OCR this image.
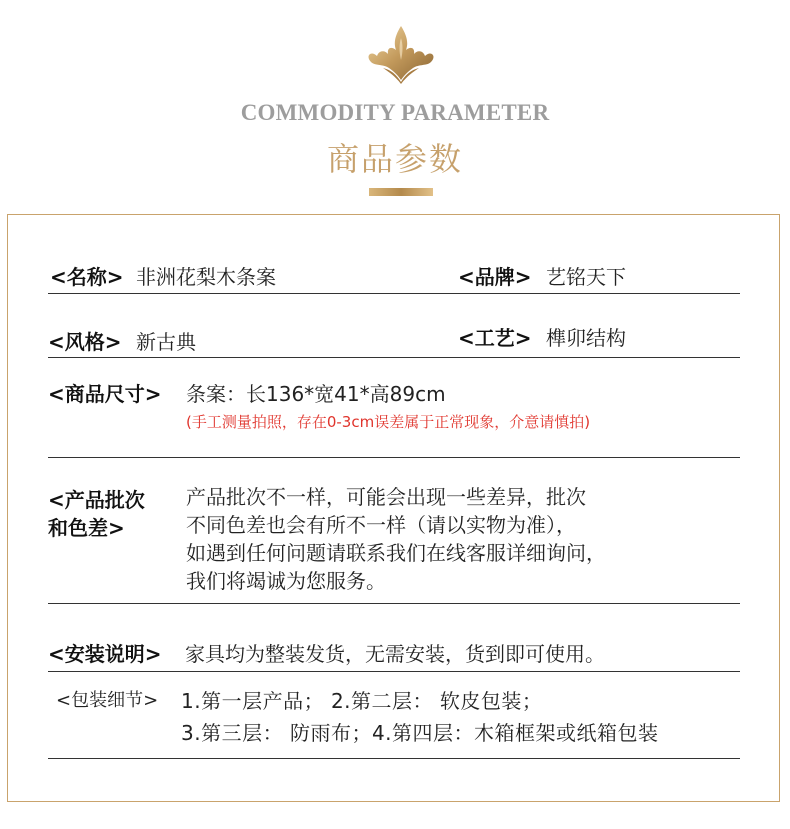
COMMODITY PARAMETER
商品参数
<名称> 非洲花梨木条案	<品牌> 艺铭天下
<风格> 新古典	<工艺> 榫卯结构
<商品尺寸> 条案：长136*宽41*高89cm
(手工测量拍照，存在0-3cm误差属于正常现象，介意请慎拍)
<产品批次
和色差>
产品批次不一样，可能会出现一些差异，批次
不同色差也会有所不一样（请以实物为准），
如遇到任何问题请联系我们在线客服详细询问，
我们将竭诚为您服务。
<安装说明> 家具均为整装发货，无需安装，货到即可使用。
<包装细节> 1.第一层产品； 2.第二层： 软皮包装；
3.第三层： 防雨布；4.第四层：木箱框架或纸箱包装
